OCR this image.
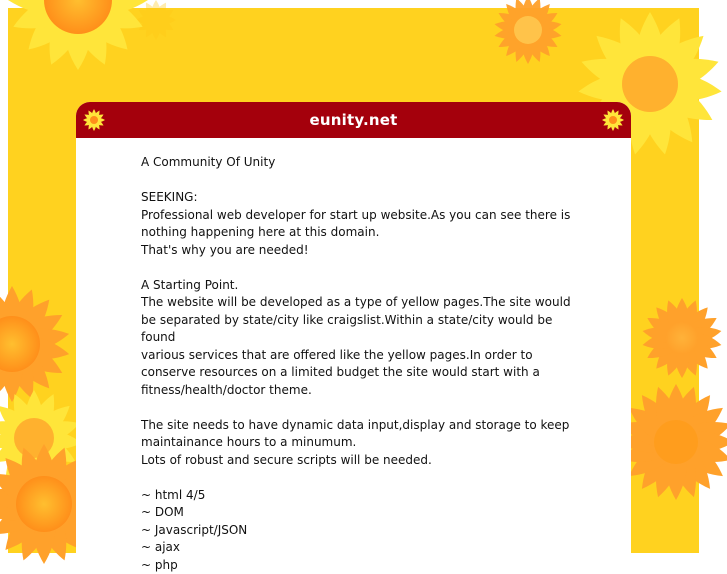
eunity.net

A Community Of Unity

SEEKING:

Professional web developer for start up website.As you can see there is

nothing happening here at this domain.

That's why you are needed!

A Starting Point.

The website will be developed as a type of yellow pages.The site would

be separated by state/city like craigslist.Within a state/city would be found

various services that are offered like the yellow pages.In order to

conserve resources on a limited budget the site would start with a

fitness/health/doctor theme.

The site needs to have dynamic data input,display and storage to keep

maintainance hours to a minumum.

Lots of robust and secure scripts will be needed.

~ html 4/5

~ DOM

~ Javascript/JSON

~ ajax

~ php
